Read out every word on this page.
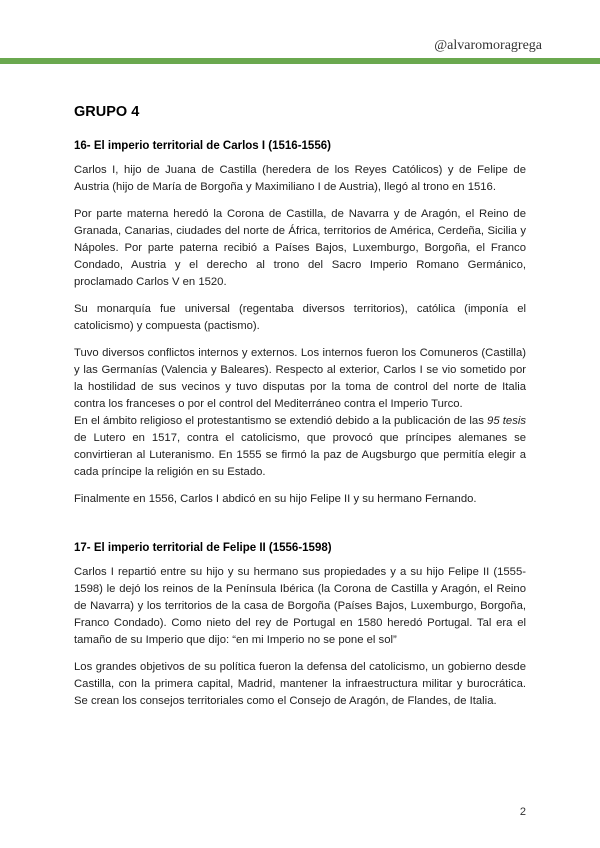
@alvaromoragrega
GRUPO 4
16- El imperio territorial de Carlos I (1516-1556)

Carlos I, hijo de Juana de Castilla (heredera de los Reyes Católicos) y de Felipe de Austria (hijo de María de Borgoña y Maximiliano I de Austria), llegó al trono en 1516.

Por parte materna heredó la Corona de Castilla, de Navarra y de Aragón, el Reino de Granada, Canarias, ciudades del norte de África, territorios de América, Cerdeña, Sicilia y Nápoles. Por parte paterna recibió a Países Bajos, Luxemburgo, Borgoña, el Franco Condado, Austria y el derecho al trono del Sacro Imperio Romano Germánico, proclamado Carlos V en 1520.

Su monarquía fue universal (regentaba diversos territorios), católica (imponía el catolicismo) y compuesta (pactismo).

Tuvo diversos conflictos internos y externos. Los internos fueron los Comuneros (Castilla) y las Germanías (Valencia y Baleares). Respecto al exterior, Carlos I se vio sometido por la hostilidad de sus vecinos y tuvo disputas por la toma de control del norte de Italia contra los franceses o por el control del Mediterráneo contra el Imperio Turco.

En el ámbito religioso el protestantismo se extendió debido a la publicación de las 95 tesis de Lutero en 1517, contra el catolicismo, que provocó que príncipes alemanes se convirtieran al Luteranismo. En 1555 se firmó la paz de Augsburgo que permitía elegir a cada príncipe la religión en su Estado.

Finalmente en 1556, Carlos I abdicó en su hijo Felipe II y su hermano Fernando.

17- El imperio territorial de Felipe II (1556-1598)

Carlos I repartió entre su hijo y su hermano sus propiedades y a su hijo Felipe II (1555-1598) le dejó los reinos de la Península Ibérica (la Corona de Castilla y Aragón, el Reino de Navarra) y los territorios de la casa de Borgoña (Países Bajos, Luxemburgo, Borgoña, Franco Condado). Como nieto del rey de Portugal en 1580 heredó Portugal. Tal era el tamaño de su Imperio que dijo: “en mi Imperio no se pone el sol”

Los grandes objetivos de su política fueron la defensa del catolicismo, un gobierno desde Castilla, con la primera capital, Madrid, mantener la infraestructura militar y burocrática. Se crean los consejos territoriales como el Consejo de Aragón, de Flandes, de Italia.

2
